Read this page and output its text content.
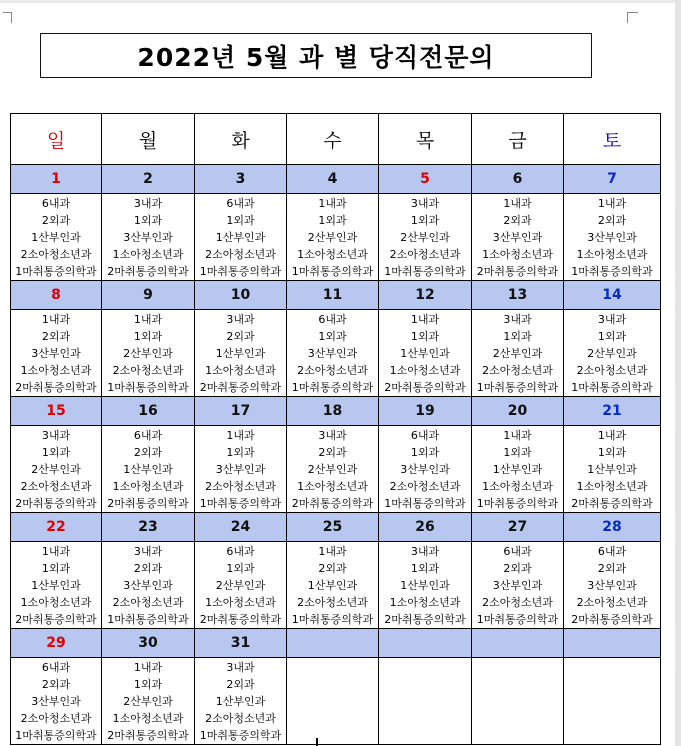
2022년 5월 과 별 당직전문의
일	월	화	수	목	금	토
1	2	3	4	5	6	7

6내과
2외과
1산부인과
2소아청소년과
1마취통증의학과	3내과
1외과
3산부인과
1소아청소년과
2마취통증의학과	6내과
1외과
1산부인과
2소아청소년과
1마취통증의학과	1내과
1외과
2산부인과
1소아청소년과
1마취통증의학과	3내과
1외과
2산부인과
2소아청소년과
1마취통증의학과	1내과
2외과
3산부인과
1소아청소년과
2마취통증의학과	1내과
2외과
3산부인과
1소아청소년과
1마취통증의학과

8	9	10	11	12	13	14

1내과
2외과
3산부인과
1소아청소년과
2마취통증의학과	1내과
1외과
2산부인과
2소아청소년과
1마취통증의학과	3내과
2외과
1산부인과
1소아청소년과
2마취통증의학과	6내과
1외과
3산부인과
2소아청소년과
1마취통증의학과	1내과
1외과
1산부인과
1소아청소년과
2마취통증의학과	3내과
1외과
2산부인과
2소아청소년과
1마취통증의학과	3내과
1외과
2산부인과
2소아청소년과
1마취통증의학과

15	16	17	18	19	20	21

3내과
1외과
2산부인과
2소아청소년과
2마취통증의학과	6내과
2외과
1산부인과
1소아청소년과
2마취통증의학과	1내과
1외과
3산부인과
2소아청소년과
1마취통증의학과	3내과
2외과
2산부인과
1소아청소년과
2마취통증의학과	6내과
1외과
3산부인과
2소아청소년과
1마취통증의학과	1내과
1외과
1산부인과
1소아청소년과
1마취통증의학과	1내과
1외과
1산부인과
1소아청소년과
2마취통증의학과

22	23	24	25	26	27	28

1내과
1외과
1산부인과
1소아청소년과
2마취통증의학과	3내과
2외과
3산부인과
2소아청소년과
1마취통증의학과	6내과
1외과
2산부인과
1소아청소년과
2마취통증의학과	1내과
2외과
1산부인과
2소아청소년과
1마취통증의학과	3내과
1외과
1산부인과
1소아청소년과
2마취통증의학과	6내과
2외과
3산부인과
2소아청소년과
1마취통증의학과	6내과
2외과
3산부인과
2소아청소년과
2마취통증의학과

29	30	31				

6내과
2외과
3산부인과
2소아청소년과
1마취통증의학과	1내과
1외과
2산부인과
1소아청소년과
2마취통증의학과	3내과
2외과
1산부인과
2소아청소년과
1마취통증의학과				
